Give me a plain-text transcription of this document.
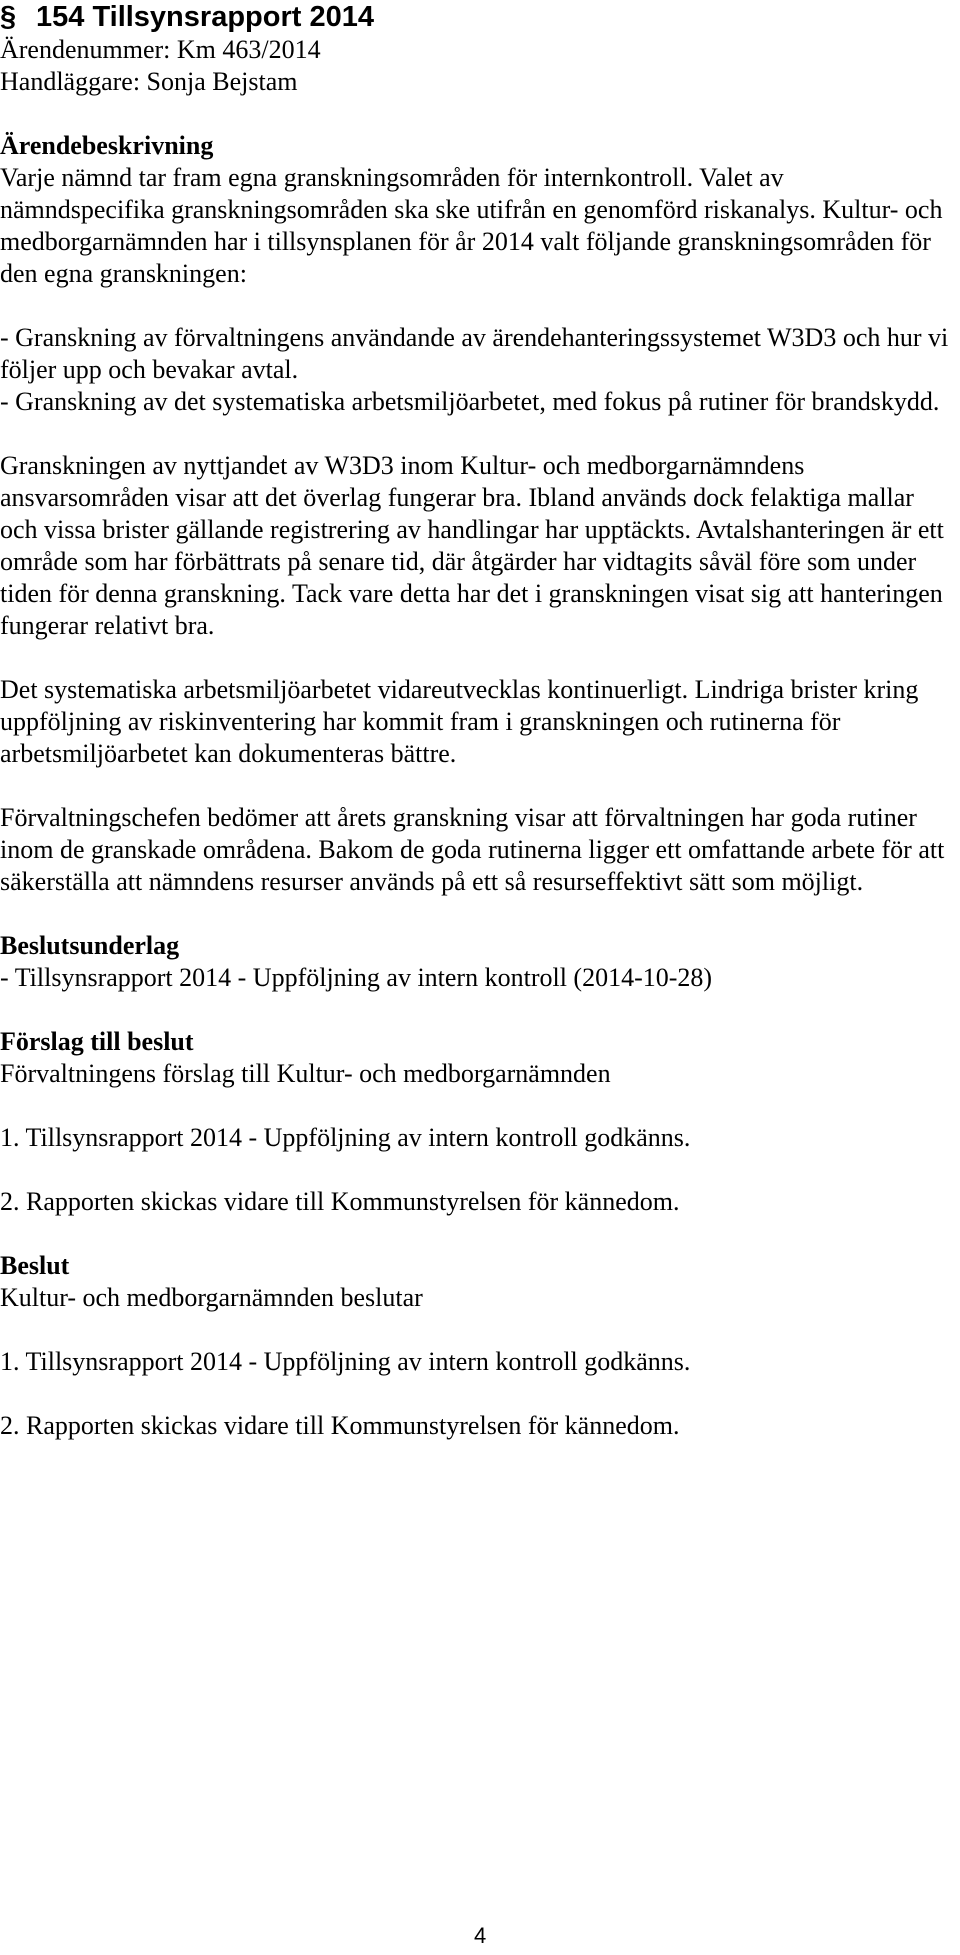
§ 154 Tillsynsrapport 2014

Ärendenummer: Km 463/2014

Handläggare: Sonja Bejstam

Ärendebeskrivning

Varje nämnd tar fram egna granskningsområden för internkontroll. Valet av nämndspecifika granskningsområden ska ske utifrån en genomförd riskanalys. Kultur- och medborgarnämnden har i tillsynsplanen för år 2014 valt följande granskningsområden för den egna granskningen:

- Granskning av förvaltningens användande av ärendehanteringssystemet W3D3 och hur vi följer upp och bevakar avtal.

- Granskning av det systematiska arbetsmiljöarbetet, med fokus på rutiner för brandskydd.

Granskningen av nyttjandet av W3D3 inom Kultur- och medborgarnämndens ansvarsområden visar att det överlag fungerar bra. Ibland används dock felaktiga mallar och vissa brister gällande registrering av handlingar har upptäckts. Avtalshanteringen är ett område som har förbättrats på senare tid, där åtgärder har vidtagits såväl före som under tiden för denna granskning. Tack vare detta har det i granskningen visat sig att hanteringen fungerar relativt bra.

Det systematiska arbetsmiljöarbetet vidareutvecklas kontinuerligt. Lindriga brister kring uppföljning av riskinventering har kommit fram i granskningen och rutinerna för arbetsmiljöarbetet kan dokumenteras bättre.

Förvaltningschefen bedömer att årets granskning visar att förvaltningen har goda rutiner inom de granskade områdena. Bakom de goda rutinerna ligger ett omfattande arbete för att säkerställa att nämndens resurser används på ett så resurseffektivt sätt som möjligt.

Beslutsunderlag

- Tillsynsrapport 2014 - Uppföljning av intern kontroll (2014-10-28)

Förslag till beslut

Förvaltningens förslag till Kultur- och medborgarnämnden

1. Tillsynsrapport 2014 - Uppföljning av intern kontroll godkänns.

2. Rapporten skickas vidare till Kommunstyrelsen för kännedom.

Beslut

Kultur- och medborgarnämnden beslutar

1. Tillsynsrapport 2014 - Uppföljning av intern kontroll godkänns.

2. Rapporten skickas vidare till Kommunstyrelsen för kännedom.

4
